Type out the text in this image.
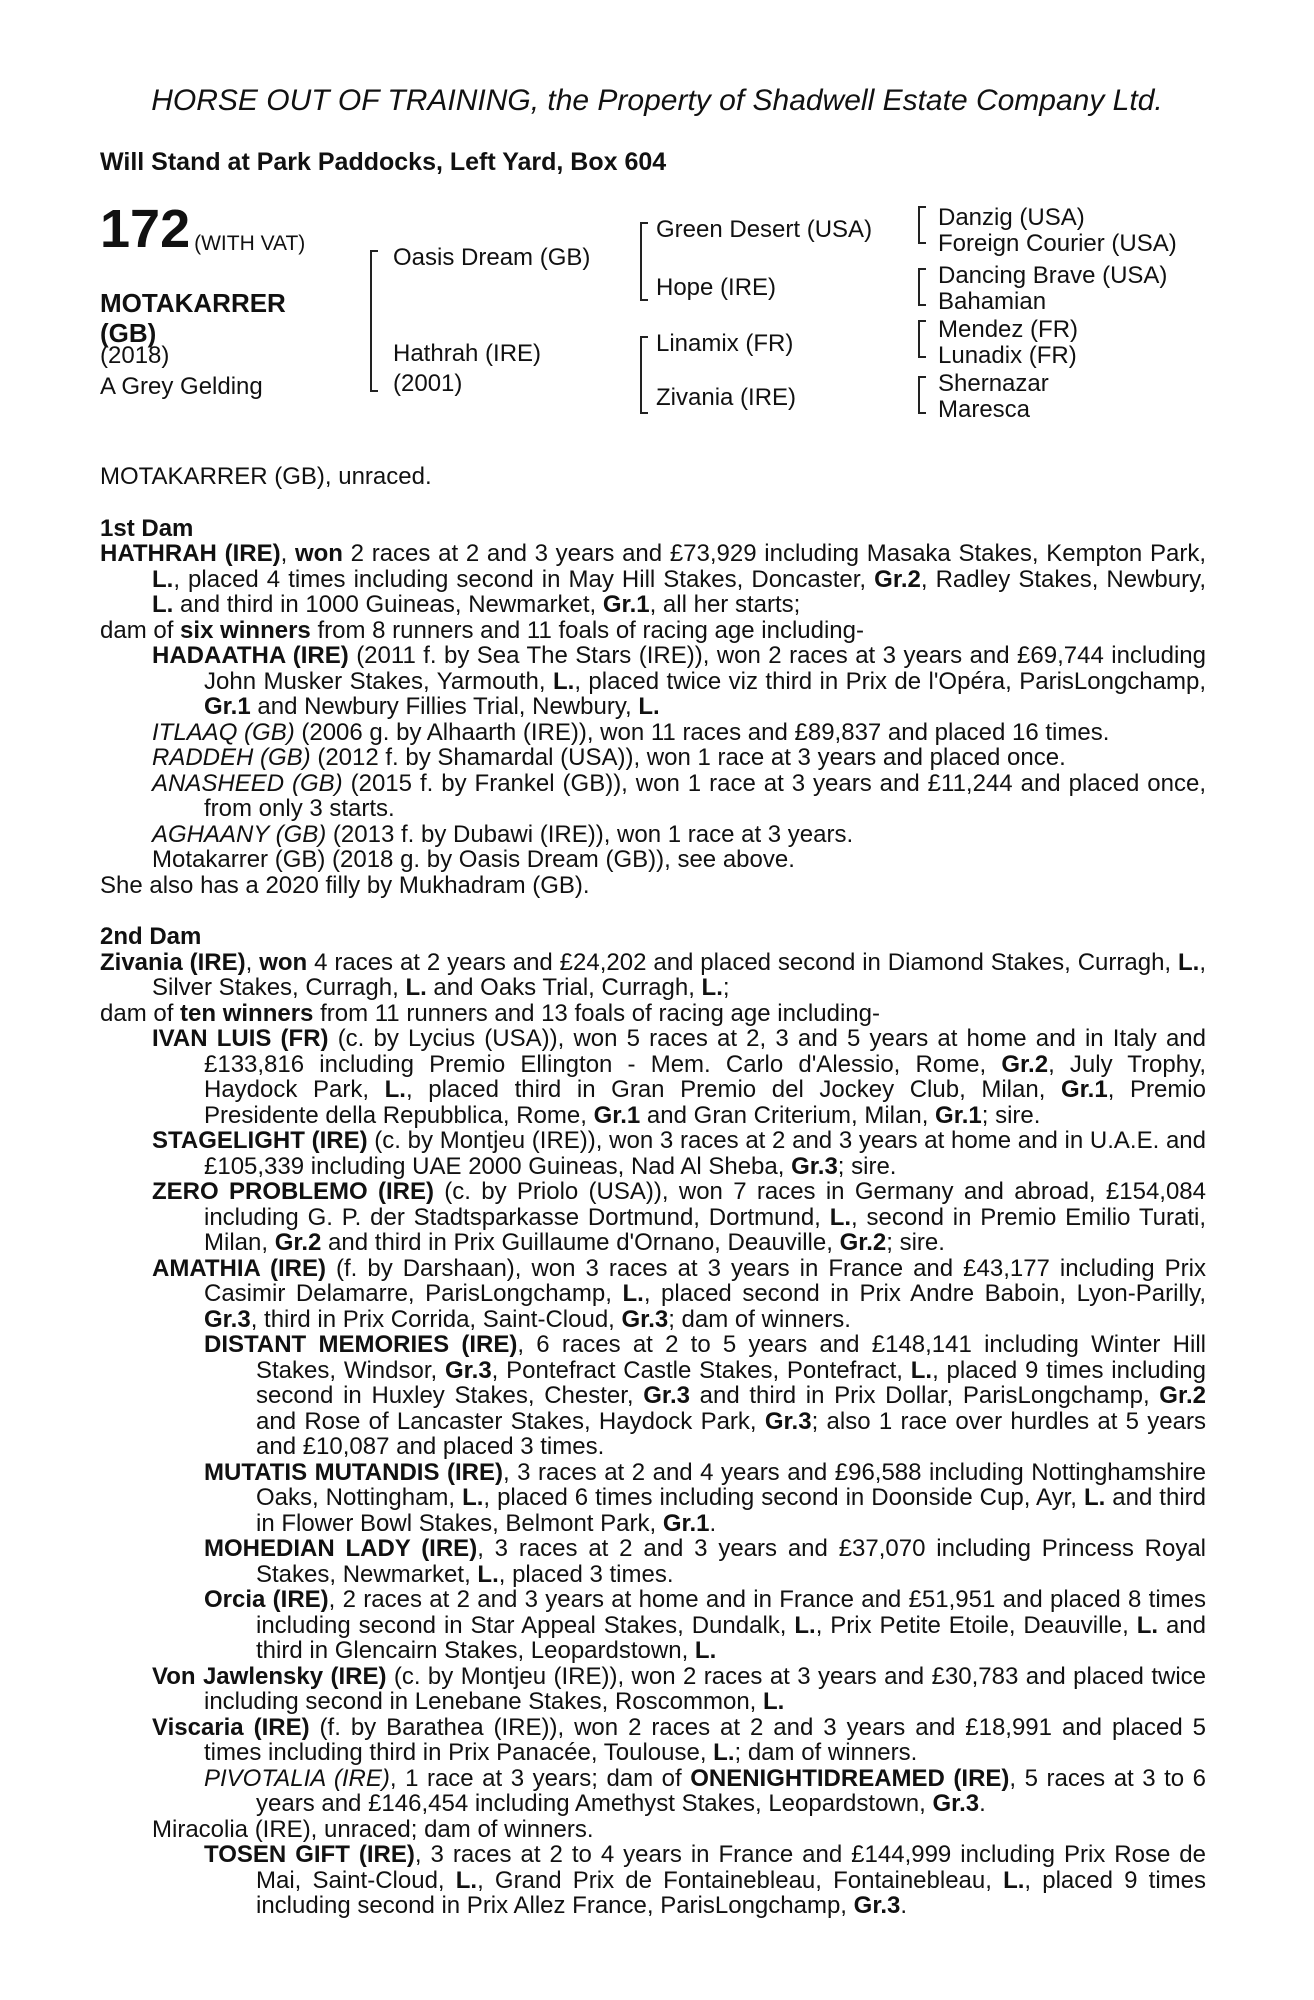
HORSE OUT OF TRAINING, the Property of Shadwell Estate Company Ltd.
Will Stand at Park Paddocks, Left Yard, Box 604
172 (WITH VAT)
MOTAKARRER
(GB)
(2018)
A Grey Gelding
Oasis Dream (GB)
Hathrah (IRE)
(2001)
Green Desert (USA)
Hope (IRE)
Linamix (FR)
Zivania (IRE)
Danzig (USA)
Foreign Courier (USA)
Dancing Brave (USA)
Bahamian
Mendez (FR)
Lunadix (FR)
Shernazar
Maresca

MOTAKARRER (GB), unraced.

1st Dam

HATHRAH (IRE), won 2 races at 2 and 3 years and £73,929 including Masaka Stakes, Kempton Park, L., placed 4 times including second in May Hill Stakes, Doncaster, Gr.2, Radley Stakes, Newbury, L. and third in 1000 Guineas, Newmarket, Gr.1, all her starts;

dam of six winners from 8 runners and 11 foals of racing age including-

HADAATHA (IRE) (2011 f. by Sea The Stars (IRE)), won 2 races at 3 years and £69,744 including John Musker Stakes, Yarmouth, L., placed twice viz third in Prix de l'Opéra, ParisLongchamp, Gr.1 and Newbury Fillies Trial, Newbury, L.

ITLAAQ (GB) (2006 g. by Alhaarth (IRE)), won 11 races and £89,837 and placed 16 times.

RADDEH (GB) (2012 f. by Shamardal (USA)), won 1 race at 3 years and placed once.

ANASHEED (GB) (2015 f. by Frankel (GB)), won 1 race at 3 years and £11,244 and placed once, from only 3 starts.

AGHAANY (GB) (2013 f. by Dubawi (IRE)), won 1 race at 3 years.

Motakarrer (GB) (2018 g. by Oasis Dream (GB)), see above.

She also has a 2020 filly by Mukhadram (GB).

2nd Dam

Zivania (IRE), won 4 races at 2 years and £24,202 and placed second in Diamond Stakes, Curragh, L., Silver Stakes, Curragh, L. and Oaks Trial, Curragh, L.;

dam of ten winners from 11 runners and 13 foals of racing age including-

IVAN LUIS (FR) (c. by Lycius (USA)), won 5 races at 2, 3 and 5 years at home and in Italy and £133,816 including Premio Ellington - Mem. Carlo d'Alessio, Rome, Gr.2, July Trophy, Haydock Park, L., placed third in Gran Premio del Jockey Club, Milan, Gr.1, Premio Presidente della Repubblica, Rome, Gr.1 and Gran Criterium, Milan, Gr.1; sire.

STAGELIGHT (IRE) (c. by Montjeu (IRE)), won 3 races at 2 and 3 years at home and in U.A.E. and £105,339 including UAE 2000 Guineas, Nad Al Sheba, Gr.3; sire.

ZERO PROBLEMO (IRE) (c. by Priolo (USA)), won 7 races in Germany and abroad, £154,084 including G. P. der Stadtsparkasse Dortmund, Dortmund, L., second in Premio Emilio Turati, Milan, Gr.2 and third in Prix Guillaume d'Ornano, Deauville, Gr.2; sire.

AMATHIA (IRE) (f. by Darshaan), won 3 races at 3 years in France and £43,177 including Prix Casimir Delamarre, ParisLongchamp, L., placed second in Prix Andre Baboin, Lyon-Parilly, Gr.3, third in Prix Corrida, Saint-Cloud, Gr.3; dam of winners.

DISTANT MEMORIES (IRE), 6 races at 2 to 5 years and £148,141 including Winter Hill Stakes, Windsor, Gr.3, Pontefract Castle Stakes, Pontefract, L., placed 9 times including second in Huxley Stakes, Chester, Gr.3 and third in Prix Dollar, ParisLongchamp, Gr.2 and Rose of Lancaster Stakes, Haydock Park, Gr.3; also 1 race over hurdles at 5 years and £10,087 and placed 3 times.

MUTATIS MUTANDIS (IRE), 3 races at 2 and 4 years and £96,588 including Nottinghamshire Oaks, Nottingham, L., placed 6 times including second in Doonside Cup, Ayr, L. and third in Flower Bowl Stakes, Belmont Park, Gr.1.

MOHEDIAN LADY (IRE), 3 races at 2 and 3 years and £37,070 including Princess Royal Stakes, Newmarket, L., placed 3 times.

Orcia (IRE), 2 races at 2 and 3 years at home and in France and £51,951 and placed 8 times including second in Star Appeal Stakes, Dundalk, L., Prix Petite Etoile, Deauville, L. and third in Glencairn Stakes, Leopardstown, L.

Von Jawlensky (IRE) (c. by Montjeu (IRE)), won 2 races at 3 years and £30,783 and placed twice including second in Lenebane Stakes, Roscommon, L.

Viscaria (IRE) (f. by Barathea (IRE)), won 2 races at 2 and 3 years and £18,991 and placed 5 times including third in Prix Panacée, Toulouse, L.; dam of winners.

PIVOTALIA (IRE), 1 race at 3 years; dam of ONENIGHTIDREAMED (IRE), 5 races at 3 to 6 years and £146,454 including Amethyst Stakes, Leopardstown, Gr.3.

Miracolia (IRE), unraced; dam of winners.

TOSEN GIFT (IRE), 3 races at 2 to 4 years in France and £144,999 including Prix Rose de Mai, Saint-Cloud, L., Grand Prix de Fontainebleau, Fontainebleau, L., placed 9 times including second in Prix Allez France, ParisLongchamp, Gr.3.
